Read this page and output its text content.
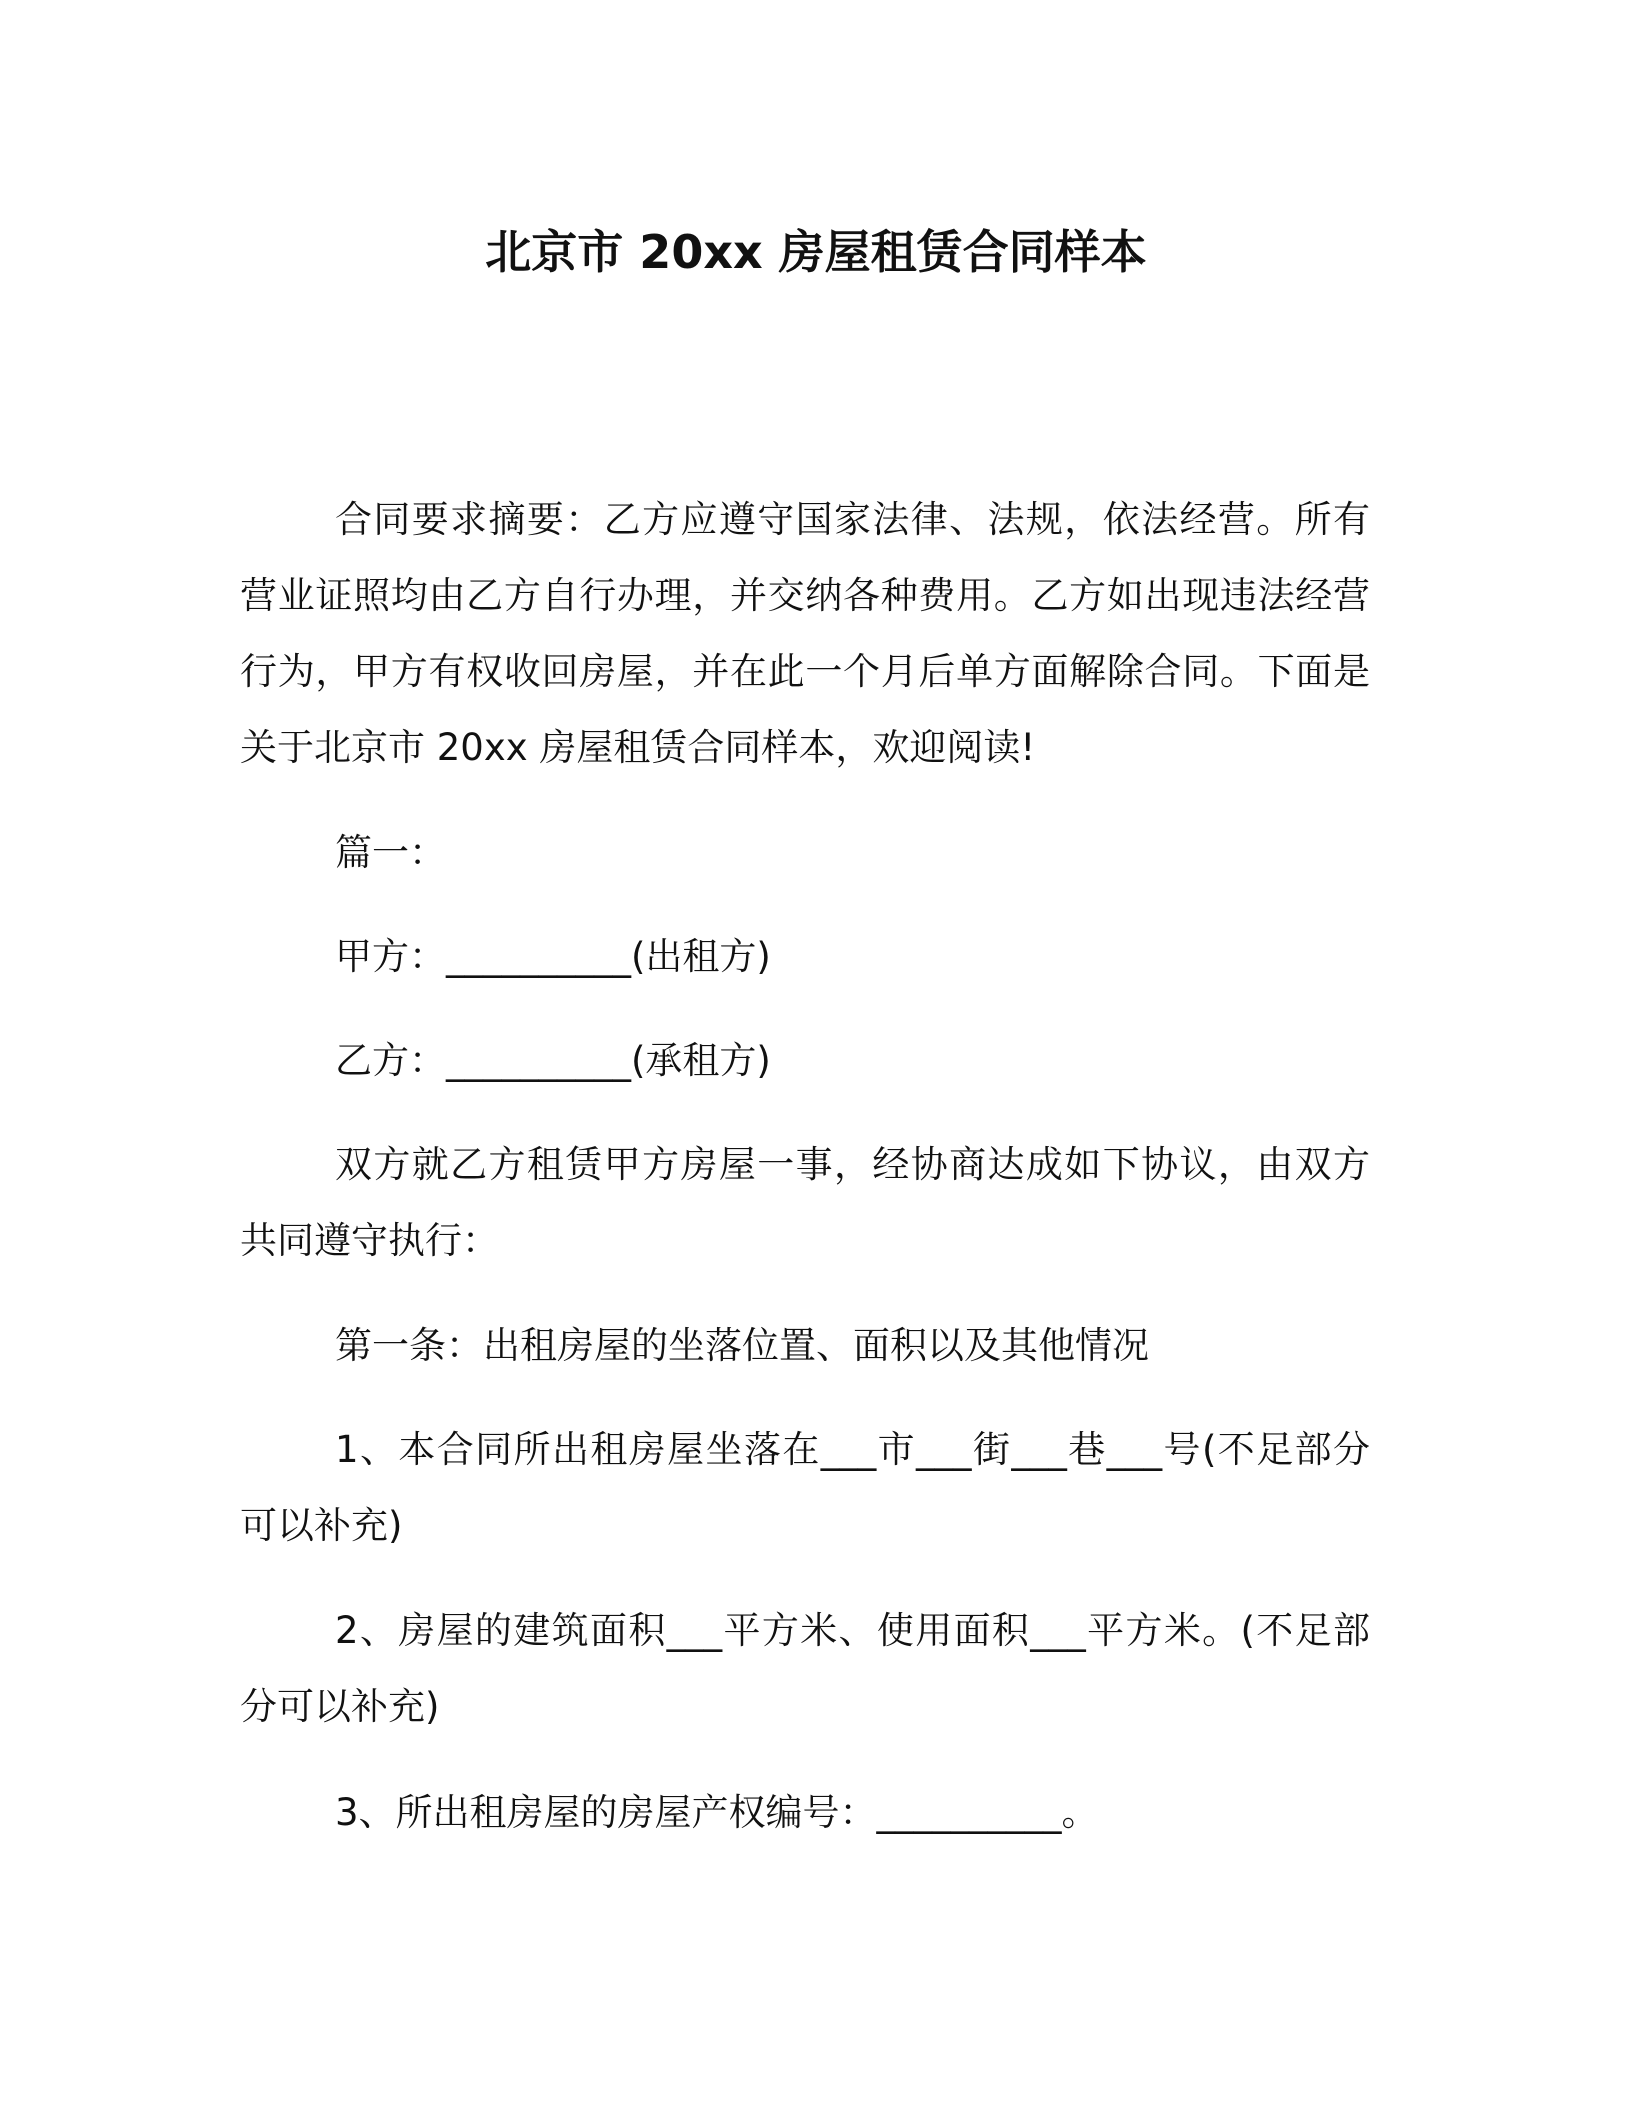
北京市 20xx 房屋租赁合同样本

合同要求摘要：乙方应遵守国家法律、法规，依法经营。所有营业证照均由乙方自行办理，并交纳各种费用。乙方如出现违法经营行为，甲方有权收回房屋，并在此一个月后单方面解除合同。下面是关于北京市 20xx 房屋租赁合同样本，欢迎阅读!

篇一：

甲方：__________(出租方)

乙方：__________(承租方)

双方就乙方租赁甲方房屋一事，经协商达成如下协议，由双方共同遵守执行：

第一条：出租房屋的坐落位置、面积以及其他情况

1、本合同所出租房屋坐落在___市___街___巷___号(不足部分可以补充)

2、房屋的建筑面积___平方米、使用面积___平方米。(不足部分可以补充)

3、所出租房屋的房屋产权编号：__________。
